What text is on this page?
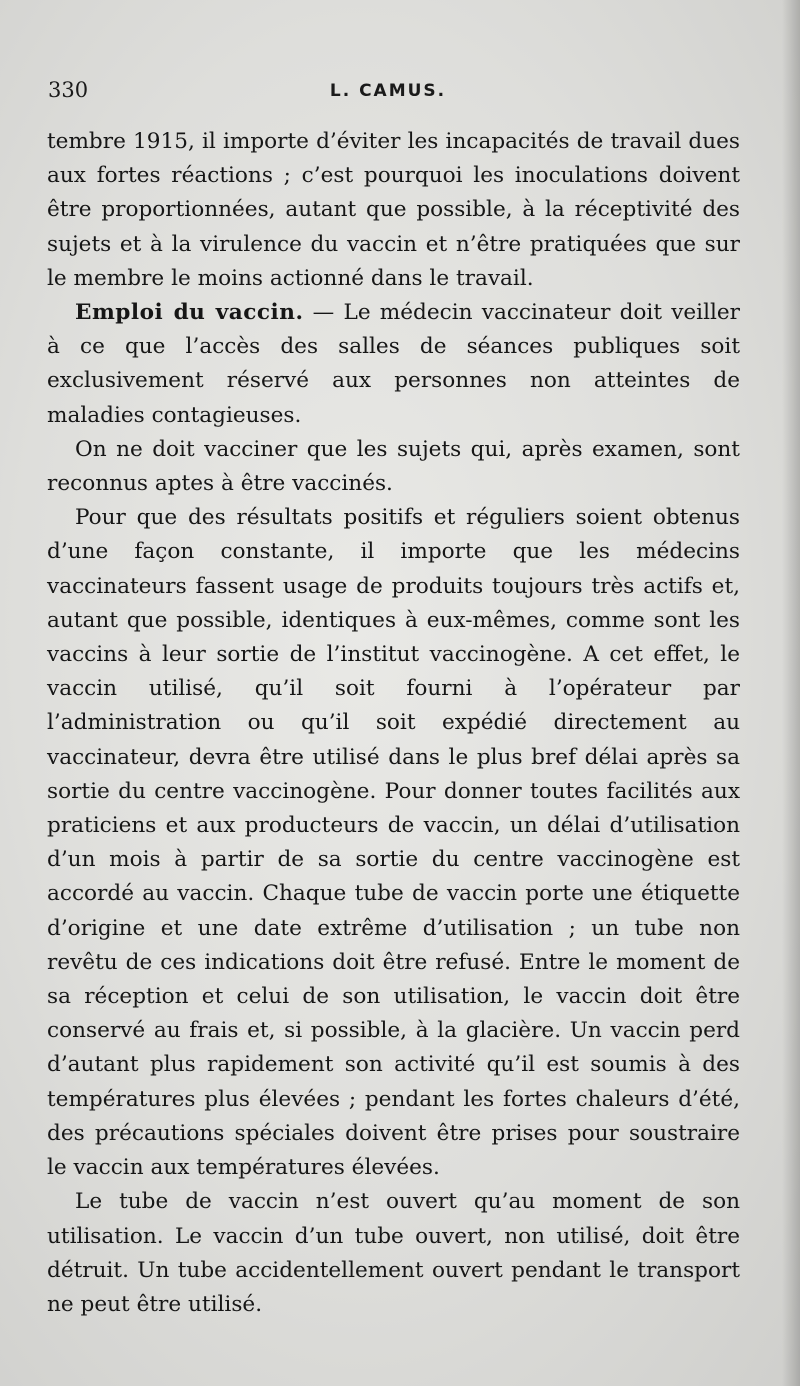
330	L. CAMUS.

tembre 1915, il importe d’éviter les incapacités de travail dues aux fortes réactions ; c’est pourquoi les inoculations doivent être proportionnées, autant que possible, à la réceptivité des sujets et à la virulence du vaccin et n’être pratiquées que sur le membre le moins actionné dans le travail.

Emploi du vaccin. — Le médecin vaccinateur doit veiller à ce que l’accès des salles de séances publiques soit exclusivement réservé aux personnes non atteintes de maladies contagieuses.

On ne doit vacciner que les sujets qui, après examen, sont reconnus aptes à être vaccinés.

Pour que des résultats positifs et réguliers soient obtenus d’une façon constante, il importe que les médecins vaccinateurs fassent usage de produits toujours très actifs et, autant que possible, identiques à eux-mêmes, comme sont les vaccins à leur sortie de l’institut vaccinogène. A cet effet, le vaccin utilisé, qu’il soit fourni à l’opérateur par l’administration ou qu’il soit expédié directement au vaccinateur, devra être utilisé dans le plus bref délai après sa sortie du centre vaccinogène. Pour donner toutes facilités aux praticiens et aux producteurs de vaccin, un délai d’utilisation d’un mois à partir de sa sortie du centre vaccinogène est accordé au vaccin. Chaque tube de vaccin porte une étiquette d’origine et une date extrême d’utilisation ; un tube non revêtu de ces indications doit être refusé. Entre le moment de sa réception et celui de son utilisation, le vaccin doit être conservé au frais et, si possible, à la glacière. Un vaccin perd d’autant plus rapidement son activité qu’il est soumis à des températures plus élevées ; pendant les fortes chaleurs d’été, des précautions spéciales doivent être prises pour soustraire le vaccin aux températures élevées.

Le tube de vaccin n’est ouvert qu’au moment de son utilisation. Le vaccin d’un tube ouvert, non utilisé, doit être détruit. Un tube accidentellement ouvert pendant le transport ne peut être utilisé.
